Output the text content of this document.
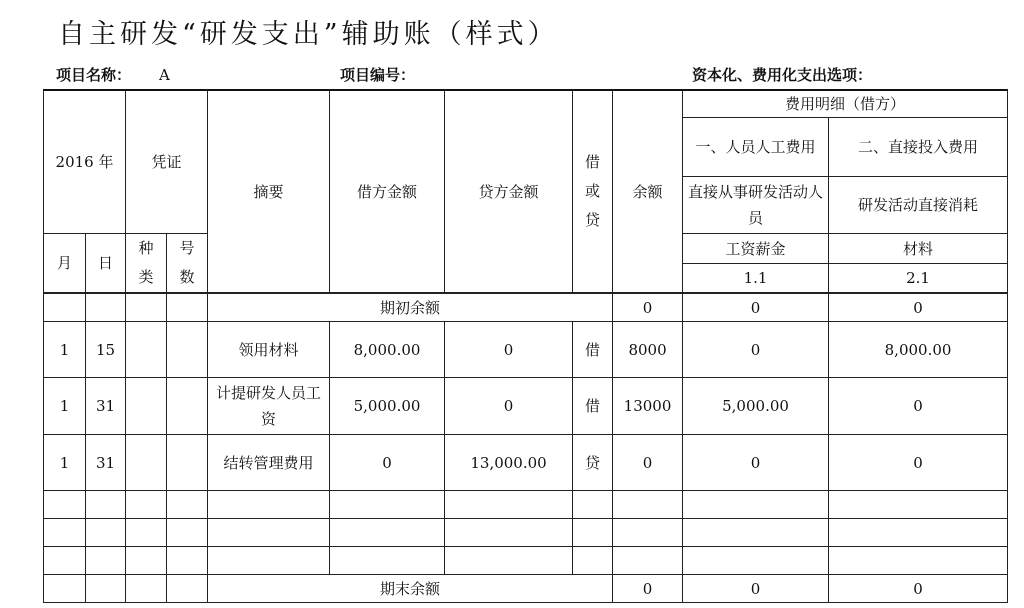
自主研发“研发支出”辅助账（样式）
项目名称： A	项目编号：	资本化、费用化支出选项：
2016 年		凭证		摘要	借方金额	贷方金额	借或贷	余额	费用明细（借方）	
									一、人员人工费用	二、直接投入费用
									直接从事研发活动人员	研发活动直接消耗
月	日	种类	号数						工资薪金	材料
									1.1	2.1

				期初余额				0	0	0
1	15			领用材料	8,000.00	0	借	8000	0	8,000.00
1	31			计提研发人员工资	5,000.00	0	借	13000	5,000.00	0
1	31			结转管理费用	0	13,000.00	贷	0	0	0

				期末余额				0	0	0
